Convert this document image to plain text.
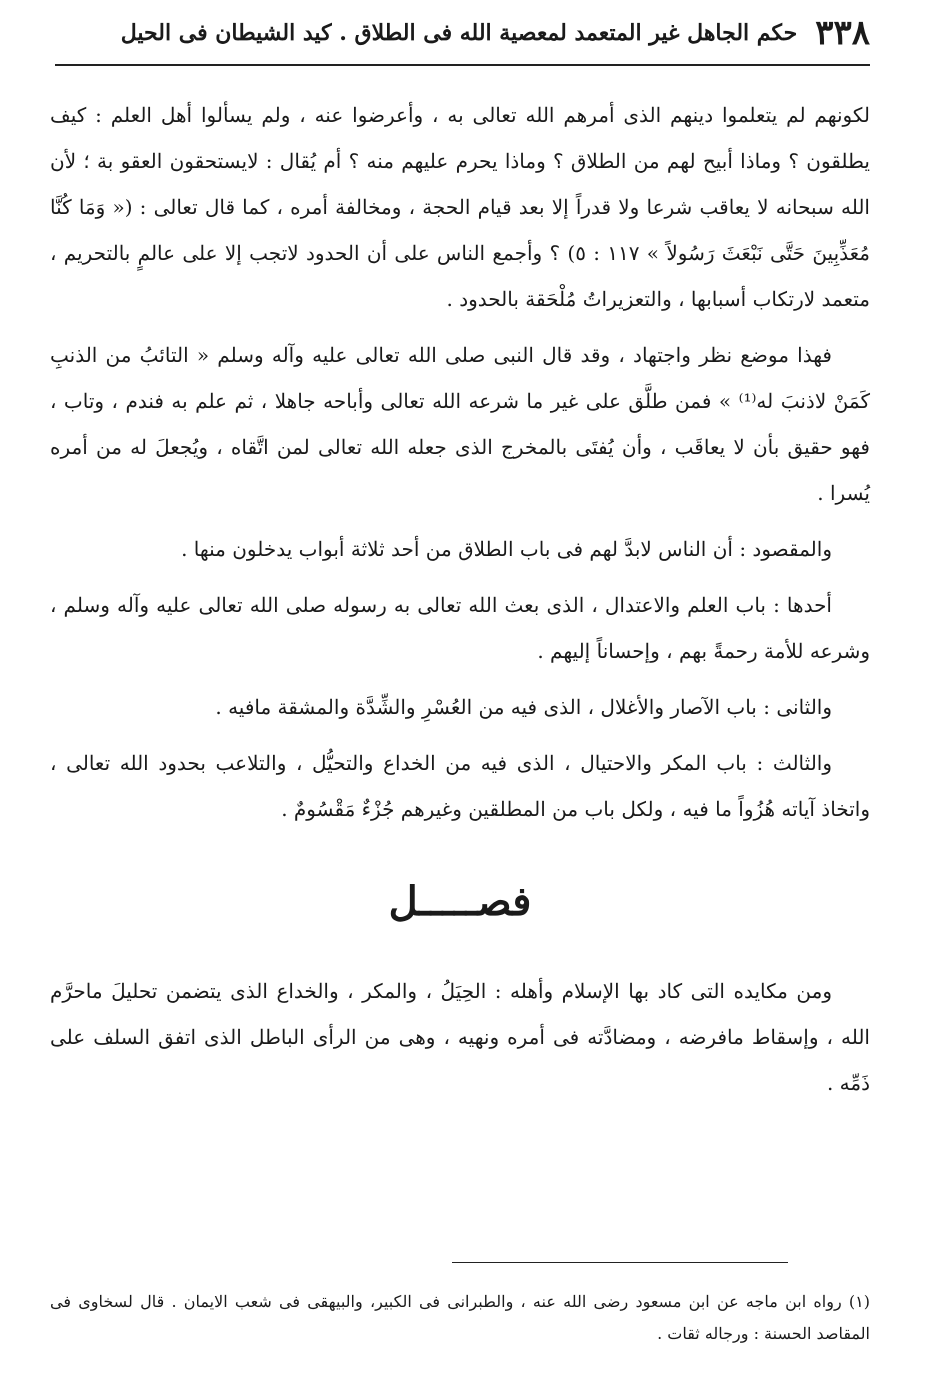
٣٣٨
حكم الجاهل غير المتعمد لمعصية الله فى الطلاق . كيد الشيطان فى الحيل

لكونهم لم يتعلموا دينهم الذى أمرهم الله تعالى به ، وأعرضوا عنه ، ولم يسألوا أهل العلم : كيف يطلقون ؟ وماذا أبيح لهم من الطلاق ؟ وماذا يحرم عليهم منه ؟ أم يُقال : لايستحقون العقو بة ؛ لأن الله سبحانه لا يعاقب شرعا ولا قدراً إلا بعد قيام الحجة ، ومخالفة أمره ، كما قال تعالى : (« وَمَا كُنَّا مُعَذِّبِينَ حَتَّى نَبْعَثَ رَسُولاً » ١١٧ : ٥) ؟ وأجمع الناس على أن الحدود لاتجب إلا على عالمٍ بالتحريم ، متعمد لارتكاب أسبابها ، والتعزيراتُ مُلْحَقة بالحدود .

فهذا موضع نظر واجتهاد ، وقد قال النبى صلى الله تعالى عليه وآله وسلم « التائبُ من الذنبِ كَمَنْ لاذنبَ له⁽¹⁾ » فمن طلَّق على غير ما شرعه الله تعالى وأباحه جاهلا ، ثم علم به فندم ، وتاب ، فهو حقيق بأن لا يعاقَب ، وأن يُفتَى بالمخرج الذى جعله الله تعالى لمن اتَّقاه ، ويُجعلَ له من أمره يُسرا .

والمقصود : أن الناس لابدَّ لهم فى باب الطلاق من أحد ثلاثة أبواب يدخلون منها .

أحدها : باب العلم والاعتدال ، الذى بعث الله تعالى به رسوله صلى الله تعالى عليه وآله وسلم ، وشرعه للأمة رحمةً بهم ، وإحساناً إليهم .

والثانى : باب الآصار والأغلال ، الذى فيه من العُسْرِ والشِّدَّة والمشقة مافيه .

والثالث : باب المكر والاحتيال ، الذى فيه من الخداع والتحيُّل ، والتلاعب بحدود الله تعالى ، واتخاذ آياته هُزُواً ما فيه ، ولكل باب من المطلقين وغيرهم جُزْءٌ مَقْسُومٌ .

فصـــــل

ومن مكايده التى كاد بها الإسلام وأهله : الحِيَلُ ، والمكر ، والخداع الذى يتضمن تحليلَ ماحرَّم الله ، وإسقاط مافرضه ، ومضادَّته فى أمره ونهيه ، وهى من الرأى الباطل الذى اتفق السلف على ذَمِّه .

(١) رواه ابن ماجه عن ابن مسعود رضى الله عنه ، والطبرانى فى الكبير، والبيهقى فى شعب الايمان . قال لسخاوى فى المقاصد الحسنة : ورجاله ثقات .
